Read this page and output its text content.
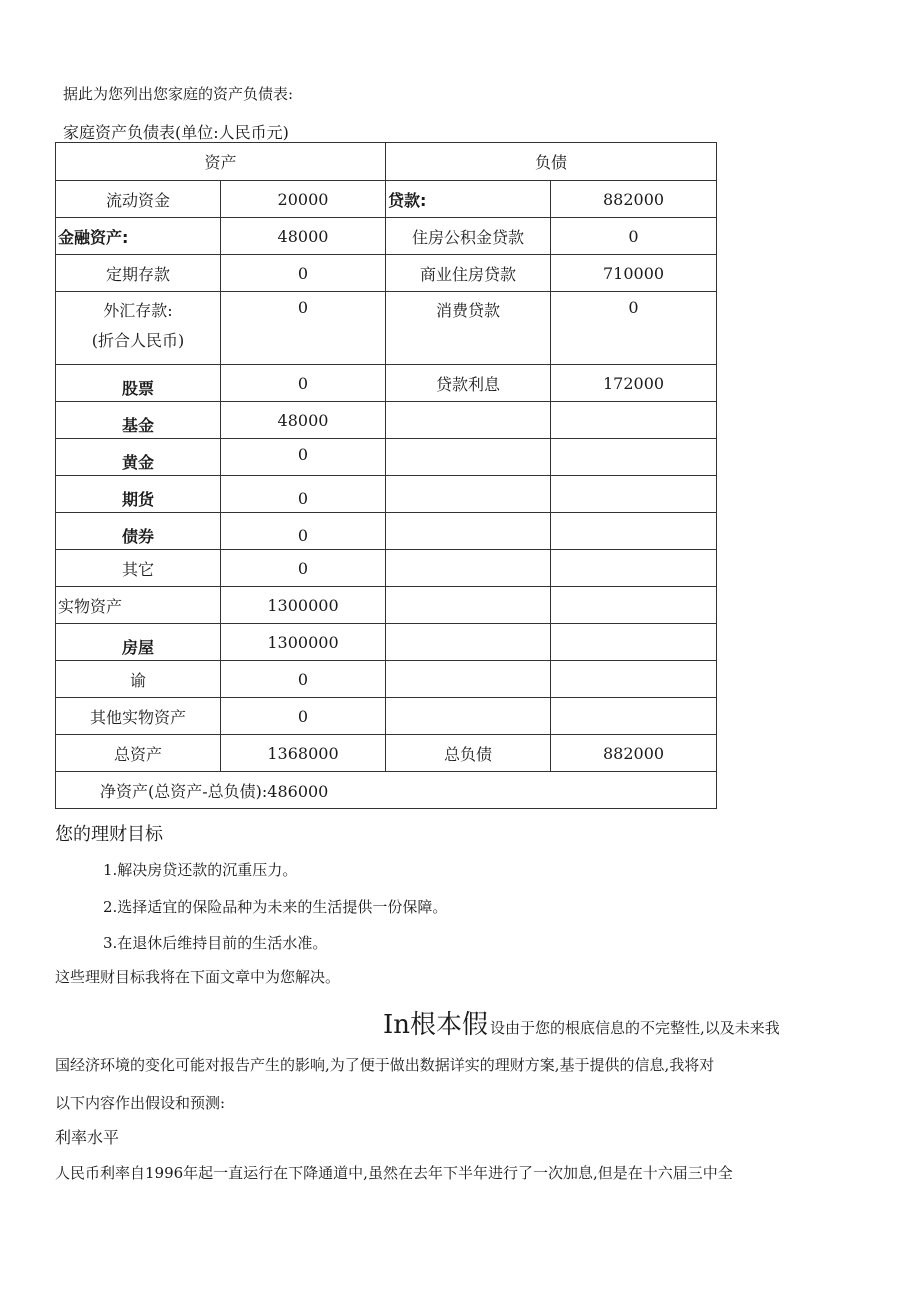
据此为您列出您家庭的资产负债表:
家庭资产负债表(单位:人民币元)
资产		负债	
流动资金	20000	贷款:	882000
金融资产:	48000	住房公积金贷款	0
定期存款	0	商业住房贷款	710000

外汇存款:
(折合人民币)	0	消费贷款	0
股票	0	贷款利息	172000
基金	48000		
黄金	0		
期货	0		
债券	0		
其它	0		
实物资产	1300000		
房屋	1300000		
谕	0		
其他实物资产	0		
总资产	1368000	总负债	882000
净资产(总资产-总负债):486000			
您的理财目标
1.解决房贷还款的沉重压力。
2.选择适宜的保险品种为未来的生活提供一份保障。
3.在退休后维持目前的生活水准。
这些理财目标我将在下面文章中为您解决。
In根本假 设由于您的根底信息的不完整性,以及未来我
国经济环境的变化可能对报告产生的影响,为了便于做出数据详实的理财方案,基于提供的信息,我将对
以下内容作出假设和预测:
利率水平
人民币利率自1996年起一直运行在下降通道中,虽然在去年下半年进行了一次加息,但是在十六届三中全
